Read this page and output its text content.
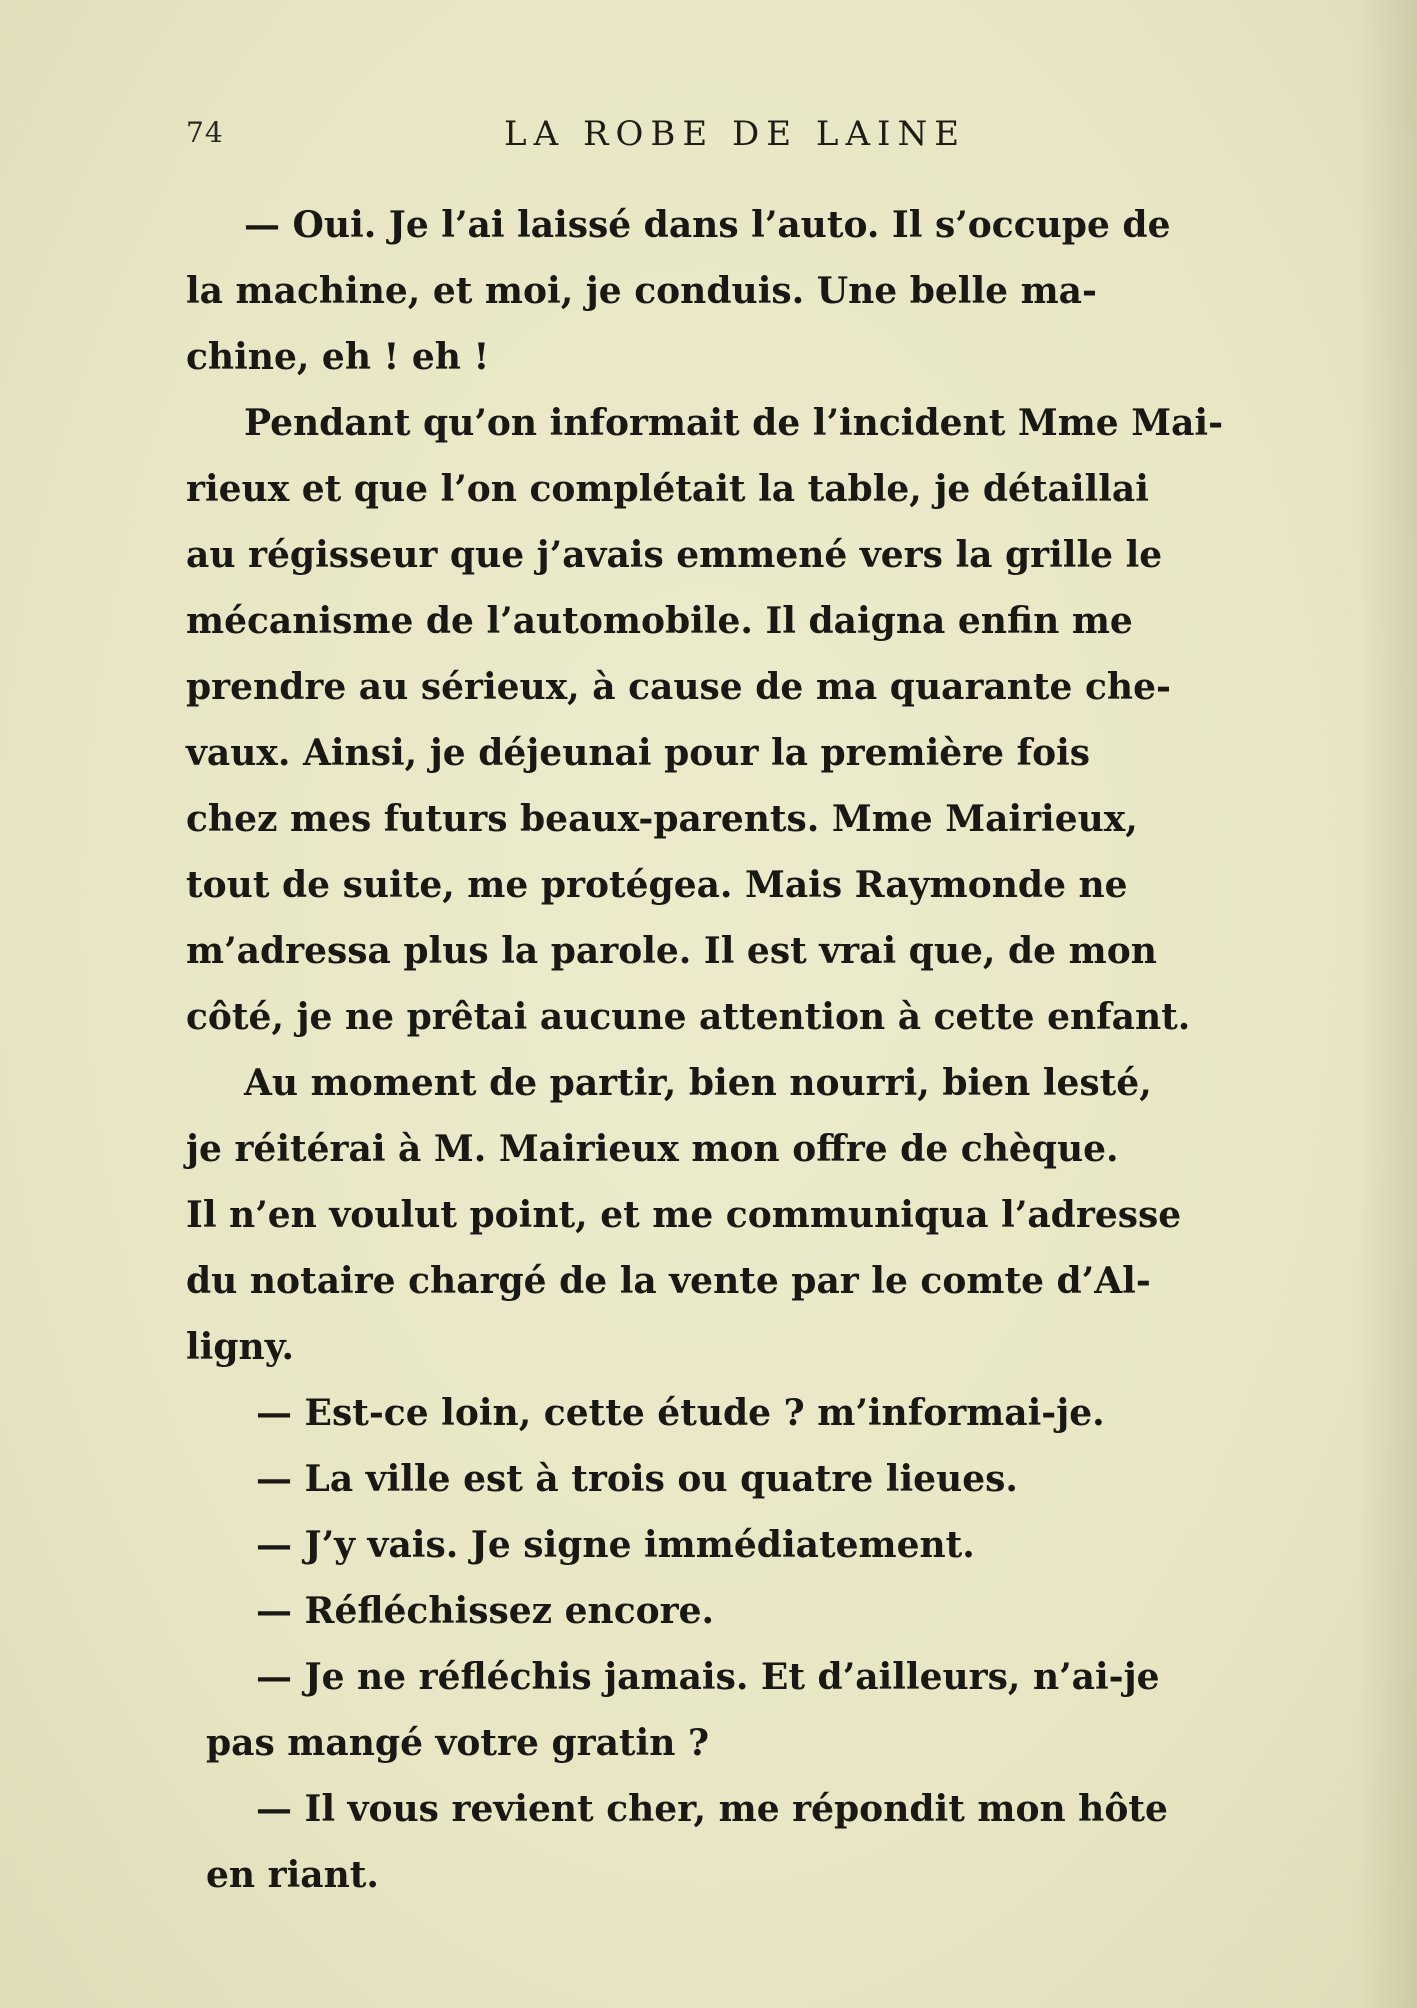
74	LA ROBE DE LAINE
— Oui. Je l’ai laissé dans l’auto. Il s’occupe de
la machine, et moi, je conduis. Une belle ma-
chine, eh ! eh !
Pendant qu’on informait de l’incident Mme Mai-
rieux et que l’on complétait la table, je détaillai
au régisseur que j’avais emmené vers la grille le
mécanisme de l’automobile. Il daigna enfin me
prendre au sérieux, à cause de ma quarante che-
vaux. Ainsi, je déjeunai pour la première fois
chez mes futurs beaux-parents. Mme Mairieux,
tout de suite, me protégea. Mais Raymonde ne
m’adressa plus la parole. Il est vrai que, de mon
côté, je ne prêtai aucune attention à cette enfant.
Au moment de partir, bien nourri, bien lesté,
je réitérai à M. Mairieux mon offre de chèque.
Il n’en voulut point, et me communiqua l’adresse
du notaire chargé de la vente par le comte d’Al-
ligny.
— Est-ce loin, cette étude ? m’informai-je.
— La ville est à trois ou quatre lieues.
— J’y vais. Je signe immédiatement.
— Réfléchissez encore.
— Je ne réfléchis jamais. Et d’ailleurs, n’ai-je
pas mangé votre gratin ?
— Il vous revient cher, me répondit mon hôte
en riant.
